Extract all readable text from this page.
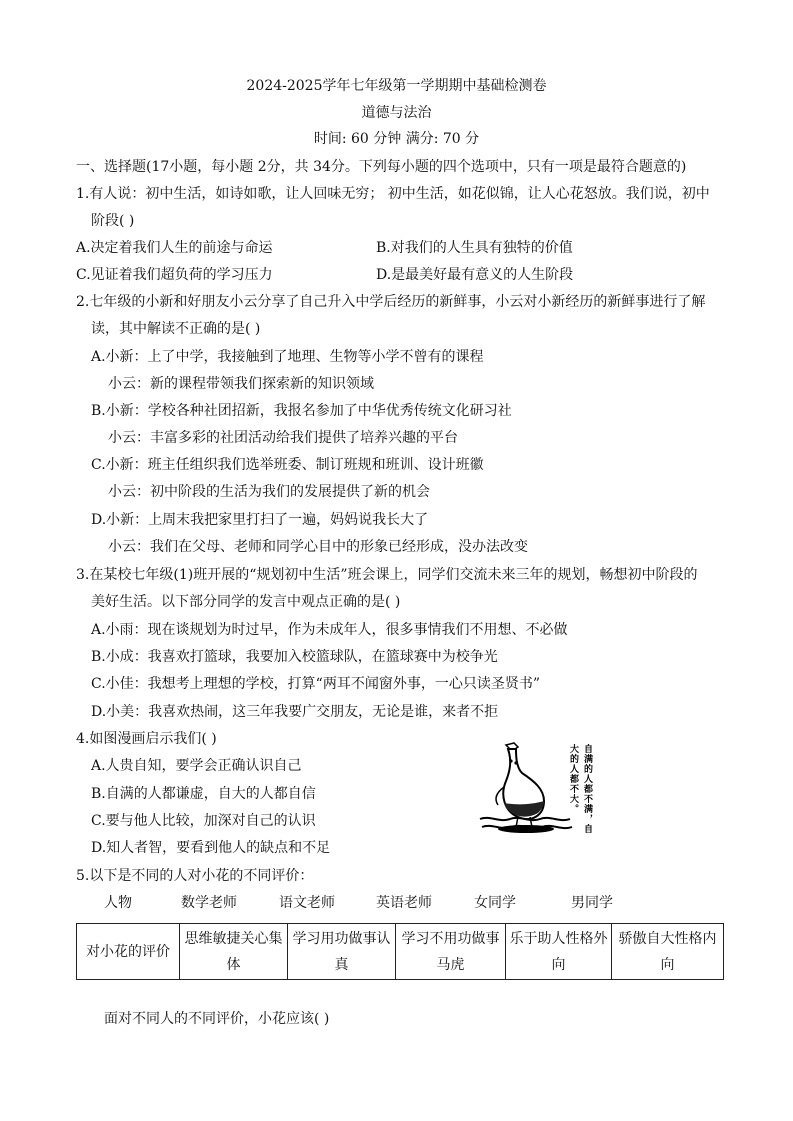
2024-2025学年七年级第一学期期中基础检测卷
道德与法治
时间: 60 分钟 满分: 70 分
一、选择题(17小题，每小题 2分，共 34分。下列每小题的四个选项中，只有一项是最符合题意的)
1.有人说：初中生活，如诗如歌，让人回味无穷； 初中生活，如花似锦，让人心花怒放。我们说，初中
阶段( )
A.决定着我们人生的前途与命运	B.对我们的人生具有独特的价值
C.见证着我们超负荷的学习压力	D.是最美好最有意义的人生阶段
2.七年级的小新和好朋友小云分享了自己升入中学后经历的新鲜事，小云对小新经历的新鲜事进行了解
读，其中解读不正确的是( )
A.小新：上了中学，我接触到了地理、生物等小学不曾有的课程
小云：新的课程带领我们探索新的知识领域
B.小新：学校各种社团招新，我报名参加了中华优秀传统文化研习社
小云：丰富多彩的社团活动给我们提供了培养兴趣的平台
C.小新：班主任组织我们选举班委、制订班规和班训、设计班徽
小云：初中阶段的生活为我们的发展提供了新的机会
D.小新：上周末我把家里打扫了一遍，妈妈说我长大了
小云：我们在父母、老师和同学心目中的形象已经形成，没办法改变
3.在某校七年级(1)班开展的“规划初中生活”班会课上，同学们交流未来三年的规划，畅想初中阶段的
美好生活。以下部分同学的发言中观点正确的是( )
A.小雨：现在谈规划为时过早，作为未成年人，很多事情我们不用想、不必做
B.小成：我喜欢打篮球，我要加入校篮球队，在篮球赛中为校争光
C.小佳：我想考上理想的学校，打算“两耳不闻窗外事，一心只读圣贤书”
D.小美：我喜欢热闹，这三年我要广交朋友，无论是谁，来者不拒
4.如图漫画启示我们( )
A.人贵自知，要学会正确认识自己
B.自满的人都谦虚，自大的人都自信
C.要与他人比较，加深对自己的认识
D.知人者智，要看到他人的缺点和不足
自满的人都不满，自大的人都不大。
5.以下是不同的人对小花的不同评价：
人物	数学老师	语文老师	英语老师	女同学	男同学
对小花的评价	思维敏捷关心集体	学习用功做事认真	学习不用功做事马虎	乐于助人性格外向	骄傲自大性格内向
面对不同人的不同评价，小花应该( )
